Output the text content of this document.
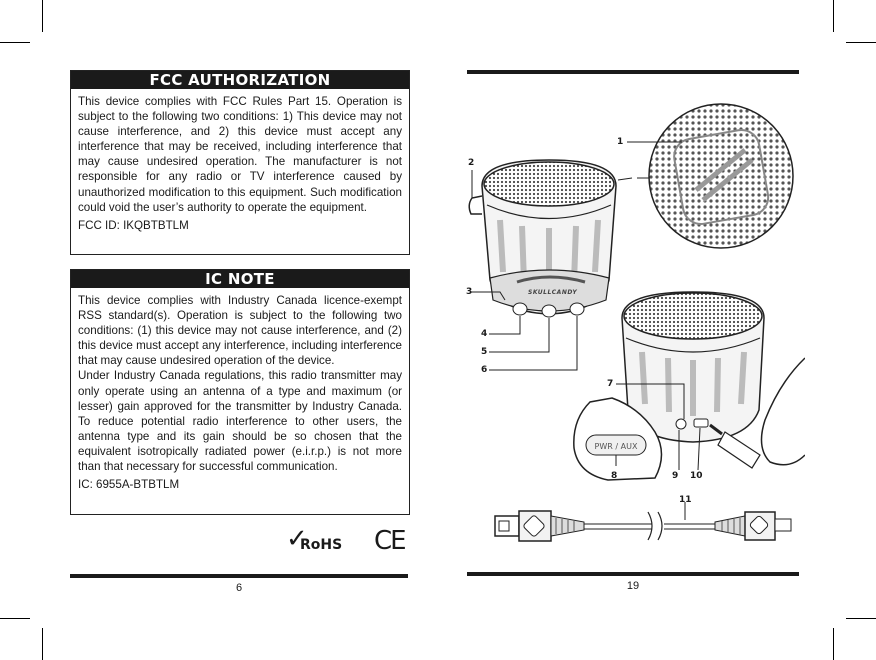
FCC AUTHORIZATION

This device complies with FCC Rules Part 15. Operation is subject to the following two conditions: 1) This device may not cause interference, and 2) this device must accept any interference that may be received, including interference that may cause undesired operation. The manufacturer is not responsible for any radio or TV interference caused by unauthorized modification to this equipment. Such modification could void the user’s authority to operate the equipment.

FCC ID: IKQBTBTLM

IC NOTE

This device complies with Industry Canada licence-exempt RSS standard(s). Operation is subject to the following two conditions: (1) this device may not cause interference, and (2) this device must accept any interference, including interference that may cause undesired operation of the device.

Under Industry Canada regulations, this radio transmitter may only operate using an antenna of a type and maximum (or lesser) gain approved for the transmitter by Industry Canada. To reduce potential radio interference to other users, the antenna type and its gain should be so chosen that the equivalent isotropically radiated power (e.i.r.p.) is not more than that necessary for successful communication.

IC: 6955A-BTBTLM

✓
RoHS CE
6
PWR / AUX
1
2
3
4
5
6
7
8	9 10
11
SKULLCANDY
19
